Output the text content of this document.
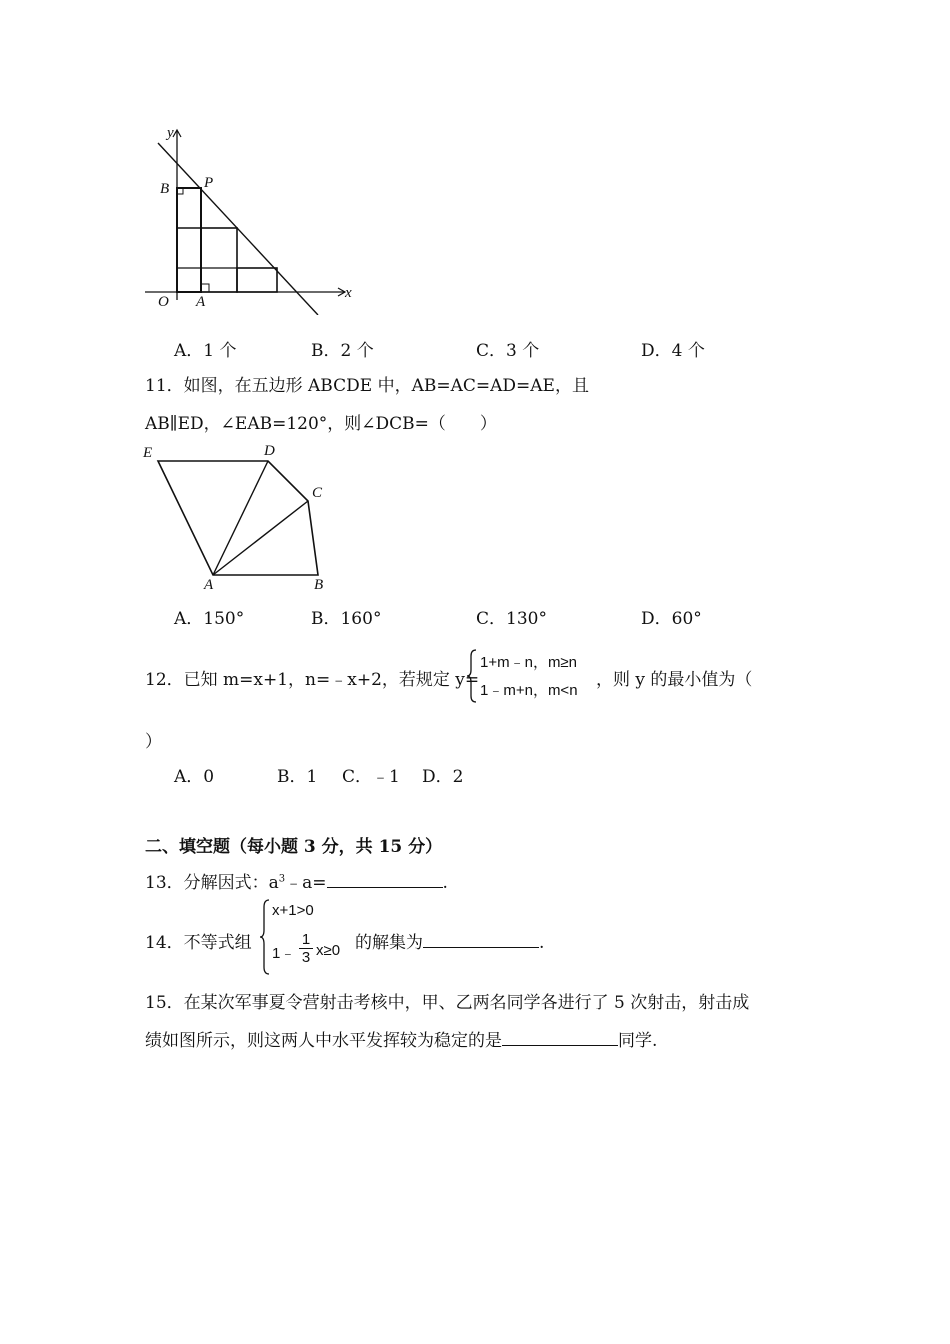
y
x
O A
B P
A．1 个	B．2 个	C．3 个	D．4 个
11．如图，在五边形 ABCDE 中，AB=AC=AD=AE，且
AB∥ED，∠EAB=120°，则∠DCB=（　　）
E	D
C
A	B
A．150°	B．160°	C．130°	D．60°
12．已知 m=x+1，n=﹣x+2，若规定 y=
1+m﹣n，m≥n
1﹣m+n，m<n
，则 y 的最小值为（
）
A．0	B．1 C．﹣1 D．2
二、填空题（每小题 3 分，共 15 分）
13．分解因式：$a^3﹣a=$	.
14．不等式组
x+1>0
1﹣ $\frac{1}{3} x\ge 0$ 的解集为	.
15．在某次军事夏令营射击考核中，甲、乙两名同学各进行了 5 次射击，射击成
绩如图所示，则这两人中水平发挥较为稳定的是	同学.
